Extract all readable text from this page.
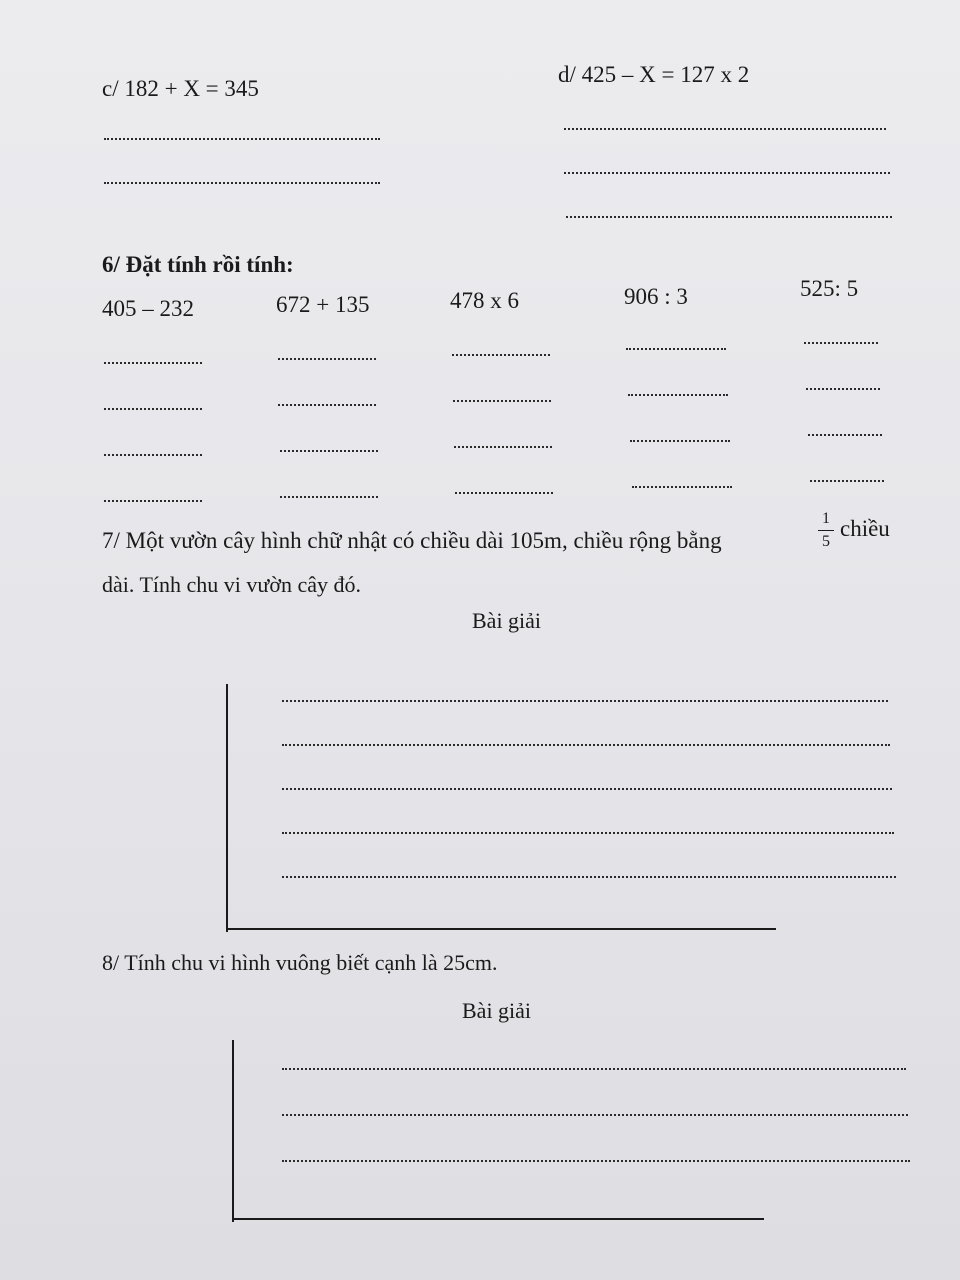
c/ 182 + X = 345
d/ 425 – X = 127 x 2
6/ Đặt tính rồi tính:
405 – 232	672 + 135	478 x 6	906 : 3	525: 5
7/ Một vườn cây hình chữ nhật có chiều dài 105m, chiều rộng bằng
1
5
chiều
dài. Tính chu vi vườn cây đó.
Bài giải
8/ Tính chu vi hình vuông biết cạnh là 25cm.
Bài giải
